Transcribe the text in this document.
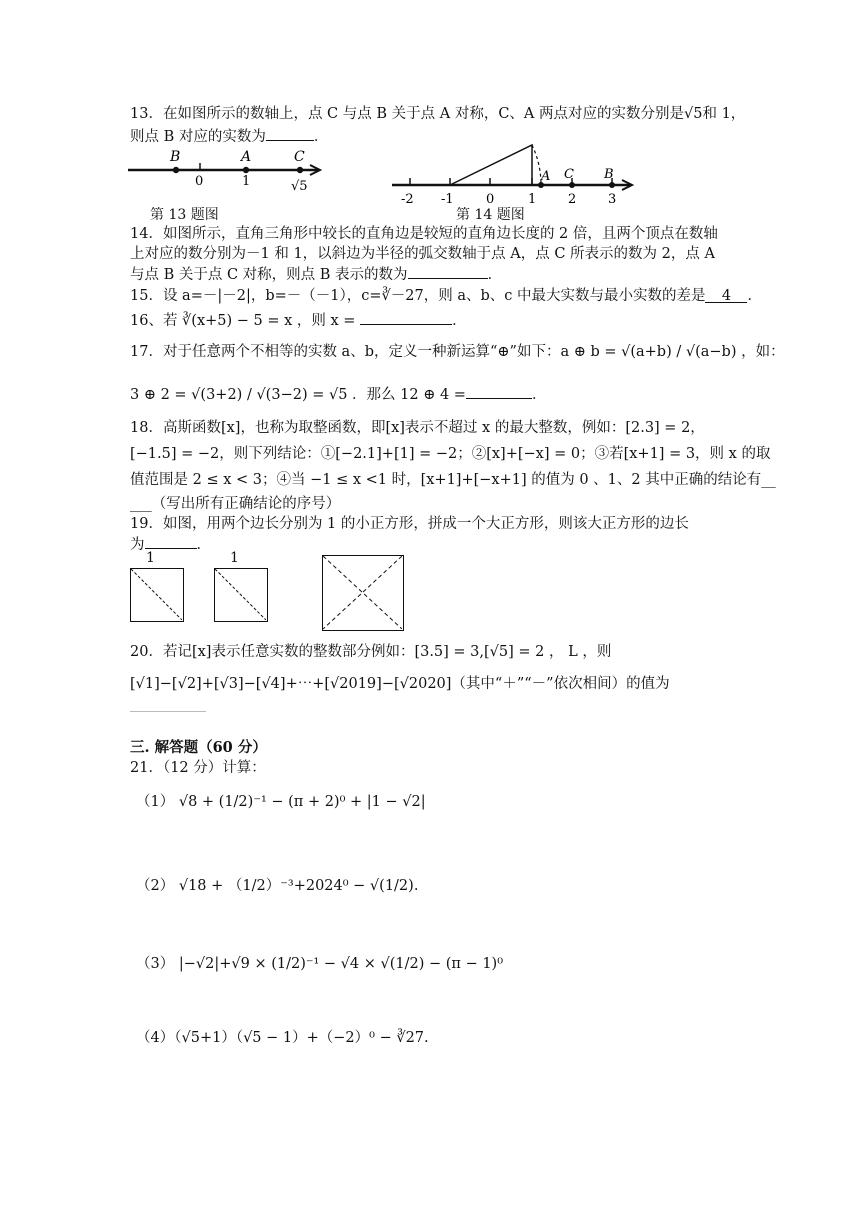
13．在如图所示的数轴上，点 C 与点 B 关于点 A 对称，C、A 两点对应的实数分别是√5和 1，
则点 B 对应的实数为	．
B
0
A
1
C
√5
第 13 题图
A C B
-2 -1 0	1 2 3
第 14 题图
14．如图所示，直角三角形中较长的直角边是较短的直角边长度的 2 倍，且两个顶点在数轴
上对应的数分别为－1 和 1，以斜边为半径的弧交数轴于点 A，点 C 所表示的数为 2，点 A
与点 B 关于点 C 对称，则点 B 表示的数为	．
15．设 a=－|－2|，b=－（－1），c=∛－27，则 a、b、c 中最大实数与最小实数的差是 4 ．
16、若 ∛(x+5) − 5 = x ，则 x =	．
17．对于任意两个不相等的实数 a、b，定义一种新运算“⊕”如下：a ⊕ b = √(a+b) / √(a−b) ，如：
3 ⊕ 2 = √(3+2) / √(3−2) = √5 ．那么 12 ⊕ 4 =	．
18．高斯函数[x]，也称为取整函数，即[x]表示不超过 x 的最大整数，例如：[2.3] = 2，
[−1.5] = −2，则下列结论：①[−2.1]+[1] = −2；②[x]+[−x] = 0；③若[x+1] = 3，则 x 的取
值范围是 2 ≤ x < 3；④当 −1 ≤ x <1 时，[x+1]+[−x+1] 的值为 0 、1、2 其中正确的结论有__
___（写出所有正确结论的序号）
19．如图，用两个边长分别为 1 的小正方形，拼成一个大正方形，则该大正方形的边长
为	．
1	1
20．若记[x]表示任意实数的整数部分例如：[3.5] = 3,[√5] = 2 ， L ，则
[√1]−[√2]+[√3]−[√4]+⋯+[√2019]−[√2020]（其中“＋”“－”依次相间）的值为
三. 解答题（60 分）
21．（12 分）计算：
（1） √8 + (1/2)⁻¹ − (π + 2)⁰ + |1 − √2|
（2） √18 + （1/2）⁻³+2024⁰ − √(1/2).
（3） |−√2|+√9 × (1/2)⁻¹ − √4 × √(1/2) − (π − 1)⁰
（4）（√5+1）（√5 − 1）+（−2）⁰ − ∛27.
